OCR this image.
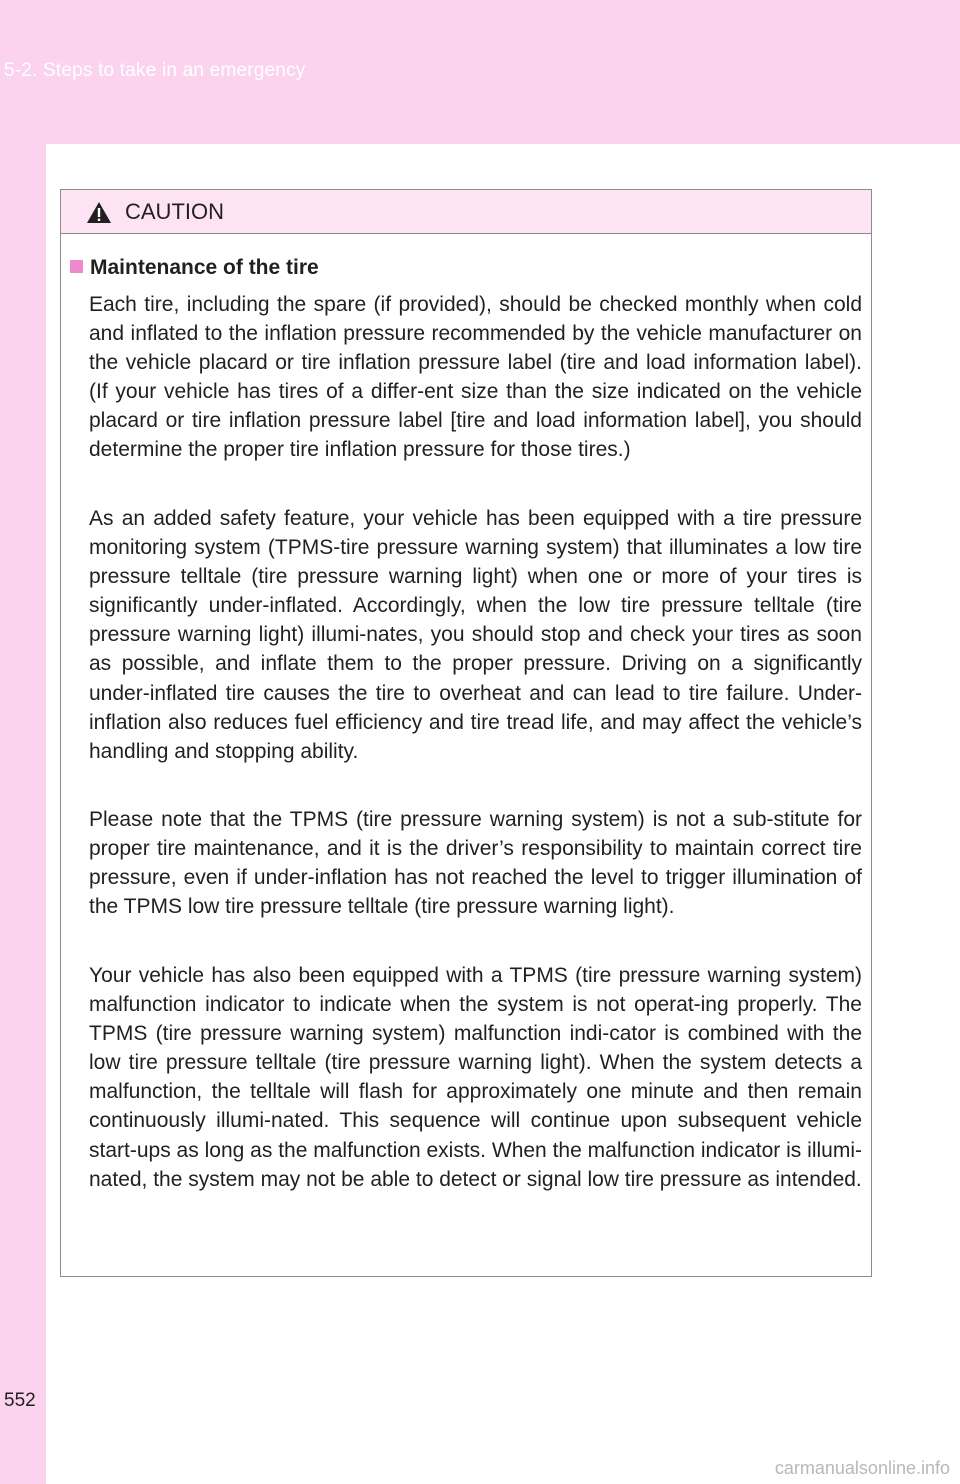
5-2. Steps to take in an emergency
CAUTION
Maintenance of the tire
Each tire, including the spare (if provided), should be checked monthly when cold and inflated to the inflation pressure recommended by the vehicle manufacturer on the vehicle placard or tire inflation pressure label (tire and load information label). (If your vehicle has tires of a differ-ent size than the size indicated on the vehicle placard or tire inflation pressure label [tire and load information label], you should determine the proper tire inflation pressure for those tires.)
As an added safety feature, your vehicle has been equipped with a tire pressure monitoring system (TPMS-tire pressure warning system) that illuminates a low tire pressure telltale (tire pressure warning light) when one or more of your tires is significantly under-inflated. Accordingly, when the low tire pressure telltale (tire pressure warning light) illumi-nates, you should stop and check your tires as soon as possible, and inflate them to the proper pressure. Driving on a significantly under-inflated tire causes the tire to overheat and can lead to tire failure. Under-inflation also reduces fuel efficiency and tire tread life, and may affect the vehicle’s handling and stopping ability.
Please note that the TPMS (tire pressure warning system) is not a sub-stitute for proper tire maintenance, and it is the driver’s responsibility to maintain correct tire pressure, even if under-inflation has not reached the level to trigger illumination of the TPMS low tire pressure telltale (tire pressure warning light).
Your vehicle has also been equipped with a TPMS (tire pressure warning system) malfunction indicator to indicate when the system is not operat-ing properly. The TPMS (tire pressure warning system) malfunction indi-cator is combined with the low tire pressure telltale (tire pressure warning light). When the system detects a malfunction, the telltale will flash for approximately one minute and then remain continuously illumi-nated. This sequence will continue upon subsequent vehicle start-ups as long as the malfunction exists. When the malfunction indicator is illumi-nated, the system may not be able to detect or signal low tire pressure as intended.
552
carmanualsonline.info
